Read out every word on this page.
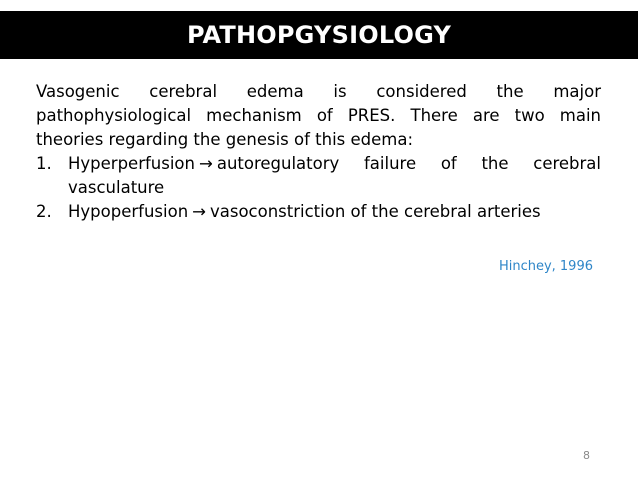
PATHOPGYSIOLOGY

Vasogenic cerebral edema is considered the major pathophysiological mechanism of PRES. There are two main theories regarding the genesis of this edema:

1. Hyperperfusion → autoregulatory failure of the cerebral vasculature
2. Hypoperfusion → vasoconstriction of the cerebral arteries
Hinchey, 1996
8
